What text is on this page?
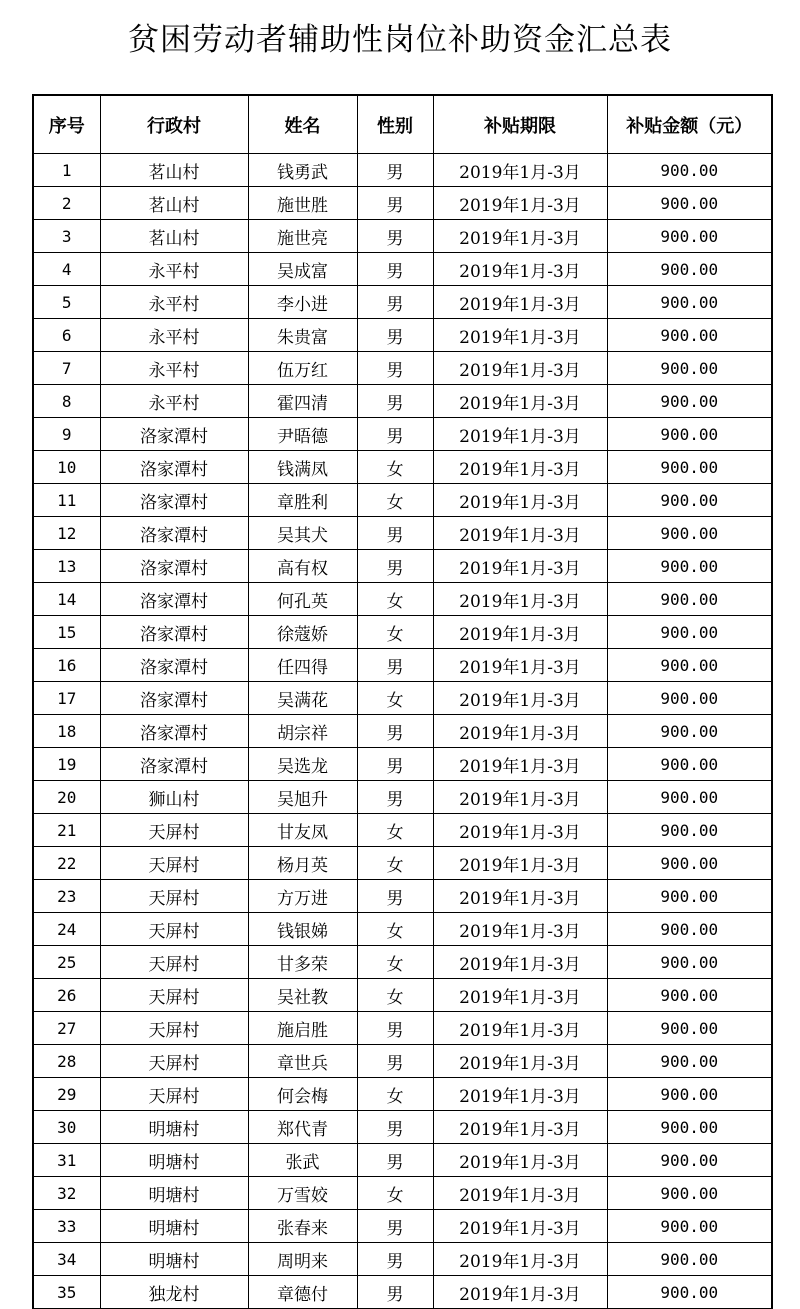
贫困劳动者辅助性岗位补助资金汇总表
序号	行政村	姓名	性别	补贴期限	补贴金额（元）
1	茗山村	钱勇武	男	2019年1月-3月	900.00
2	茗山村	施世胜	男	2019年1月-3月	900.00
3	茗山村	施世亮	男	2019年1月-3月	900.00
4	永平村	吴成富	男	2019年1月-3月	900.00
5	永平村	李小进	男	2019年1月-3月	900.00
6	永平村	朱贵富	男	2019年1月-3月	900.00
7	永平村	伍万红	男	2019年1月-3月	900.00
8	永平村	霍四清	男	2019年1月-3月	900.00
9	洛家潭村	尹晤德	男	2019年1月-3月	900.00
10	洛家潭村	钱满凤	女	2019年1月-3月	900.00
11	洛家潭村	章胜利	女	2019年1月-3月	900.00
12	洛家潭村	吴其犬	男	2019年1月-3月	900.00
13	洛家潭村	高有权	男	2019年1月-3月	900.00
14	洛家潭村	何孔英	女	2019年1月-3月	900.00
15	洛家潭村	徐蔻娇	女	2019年1月-3月	900.00
16	洛家潭村	任四得	男	2019年1月-3月	900.00
17	洛家潭村	吴满花	女	2019年1月-3月	900.00
18	洛家潭村	胡宗祥	男	2019年1月-3月	900.00
19	洛家潭村	吴选龙	男	2019年1月-3月	900.00
20	狮山村	吴旭升	男	2019年1月-3月	900.00
21	天屏村	甘友凤	女	2019年1月-3月	900.00
22	天屏村	杨月英	女	2019年1月-3月	900.00
23	天屏村	方万进	男	2019年1月-3月	900.00
24	天屏村	钱银娣	女	2019年1月-3月	900.00
25	天屏村	甘多荣	女	2019年1月-3月	900.00
26	天屏村	吴社教	女	2019年1月-3月	900.00
27	天屏村	施启胜	男	2019年1月-3月	900.00
28	天屏村	章世兵	男	2019年1月-3月	900.00
29	天屏村	何会梅	女	2019年1月-3月	900.00
30	明塘村	郑代青	男	2019年1月-3月	900.00
31	明塘村	张武	男	2019年1月-3月	900.00
32	明塘村	万雪姣	女	2019年1月-3月	900.00
33	明塘村	张春来	男	2019年1月-3月	900.00
34	明塘村	周明来	男	2019年1月-3月	900.00
35	独龙村	章德付	男	2019年1月-3月	900.00
